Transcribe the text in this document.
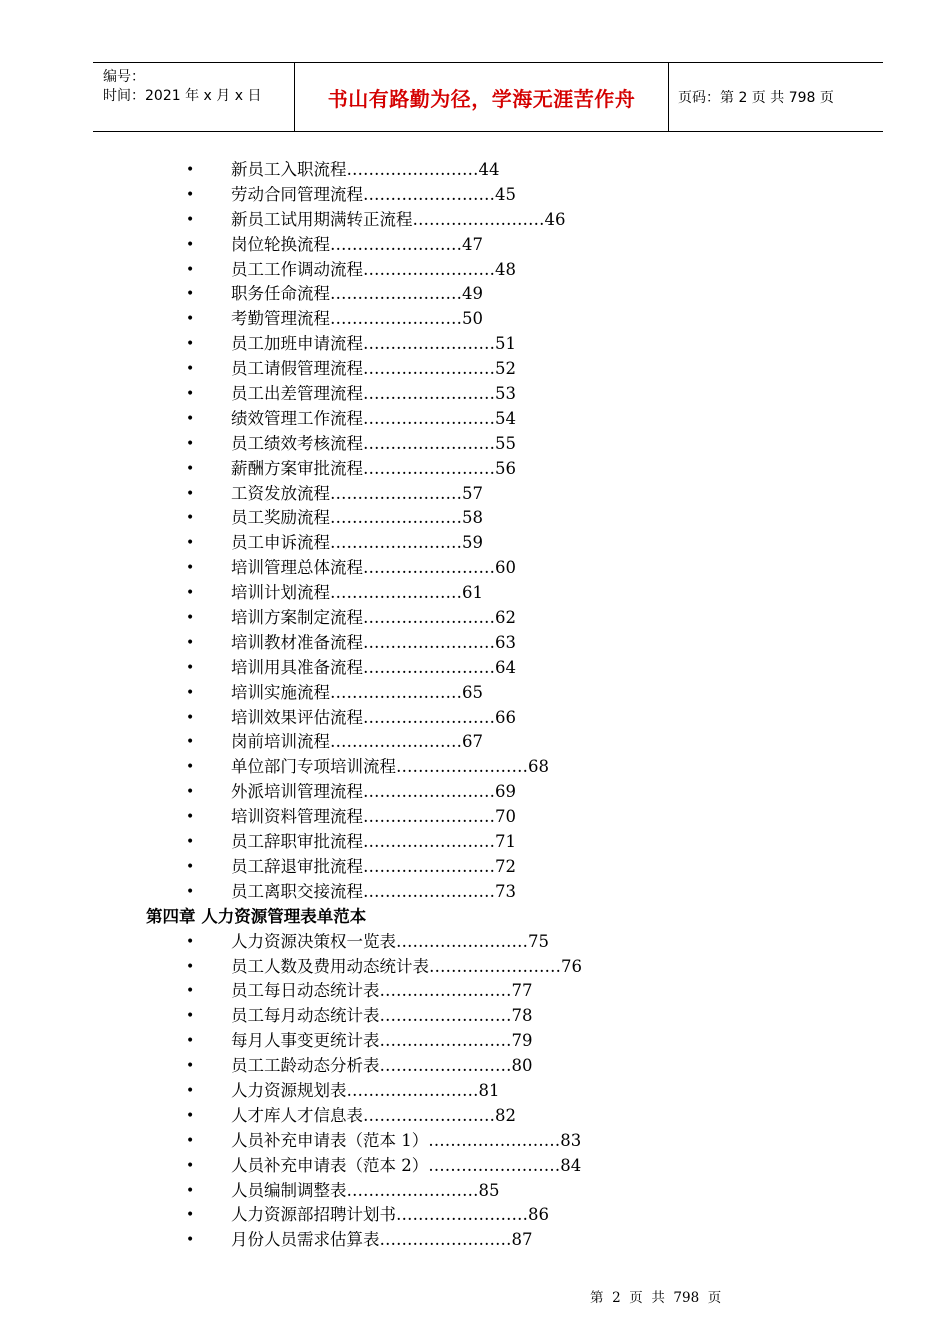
编号：
时间：2021 年 x 月 x 日	书山有路勤为径，学海无涯苦作舟	页码：第 2 页 共 798 页
• 新员工入职流程……………………44
• 劳动合同管理流程……………………45
• 新员工试用期满转正流程……………………46
• 岗位轮换流程……………………47
• 员工工作调动流程……………………48
• 职务任命流程……………………49
• 考勤管理流程……………………50
• 员工加班申请流程……………………51
• 员工请假管理流程……………………52
• 员工出差管理流程……………………53
• 绩效管理工作流程……………………54
• 员工绩效考核流程……………………55
• 薪酬方案审批流程……………………56
• 工资发放流程……………………57
• 员工奖励流程……………………58
• 员工申诉流程……………………59
• 培训管理总体流程……………………60
• 培训计划流程……………………61
• 培训方案制定流程……………………62
• 培训教材准备流程……………………63
• 培训用具准备流程……………………64
• 培训实施流程……………………65
• 培训效果评估流程……………………66
• 岗前培训流程……………………67
• 单位部门专项培训流程……………………68
• 外派培训管理流程……………………69
• 培训资料管理流程……………………70
• 员工辞职审批流程……………………71
• 员工辞退审批流程……………………72
• 员工离职交接流程……………………73
第四章 人力资源管理表单范本
• 人力资源决策权一览表……………………75
• 员工人数及费用动态统计表……………………76
• 员工每日动态统计表……………………77
• 员工每月动态统计表……………………78
• 每月人事变更统计表……………………79
• 员工工龄动态分析表……………………80
• 人力资源规划表……………………81
• 人才库人才信息表……………………82
• 人员补充申请表（范本 1）……………………83
• 人员补充申请表（范本 2）……………………84
• 人员编制调整表……………………85
• 人力资源部招聘计划书……………………86
• 月份人员需求估算表……………………87
第  2  页  共  798  页
